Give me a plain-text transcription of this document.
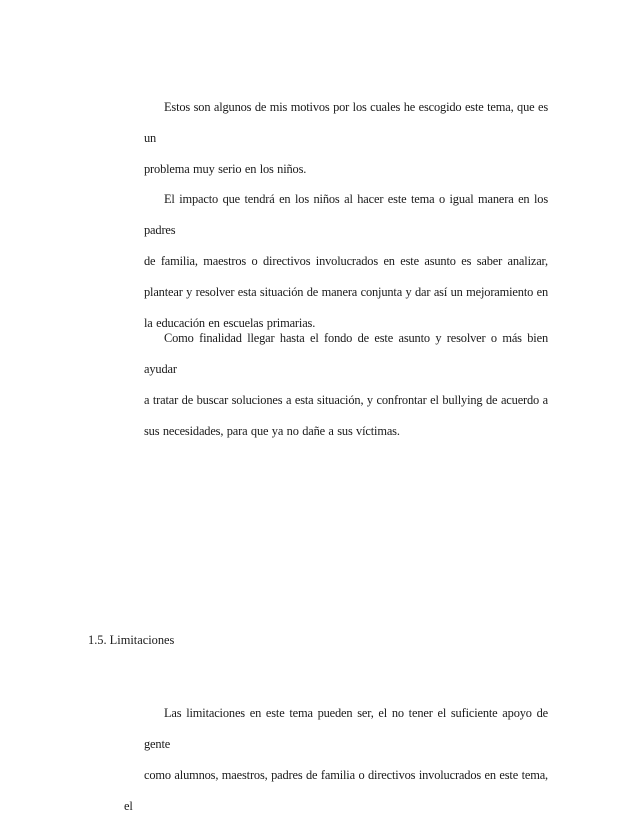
Estos son algunos de mis motivos por los cuales he escogido este tema, que es un
problema muy serio en los niños.

El impacto que tendrá en los niños al hacer este tema o igual manera en los padres
de familia, maestros o directivos involucrados en este asunto es saber analizar,
plantear y resolver esta situación de manera conjunta y dar así un mejoramiento en
la educación en escuelas primarias.

Como finalidad llegar hasta el fondo de este asunto y resolver o más bien ayudar
a tratar de buscar soluciones a esta situación, y confrontar el bullying de acuerdo a
sus necesidades, para que ya no dañe a sus víctimas.

1.5. Limitaciones

Las limitaciones en este tema pueden ser, el no tener el suficiente apoyo de gente
como alumnos, maestros, padres de familia o directivos involucrados en este tema, el
